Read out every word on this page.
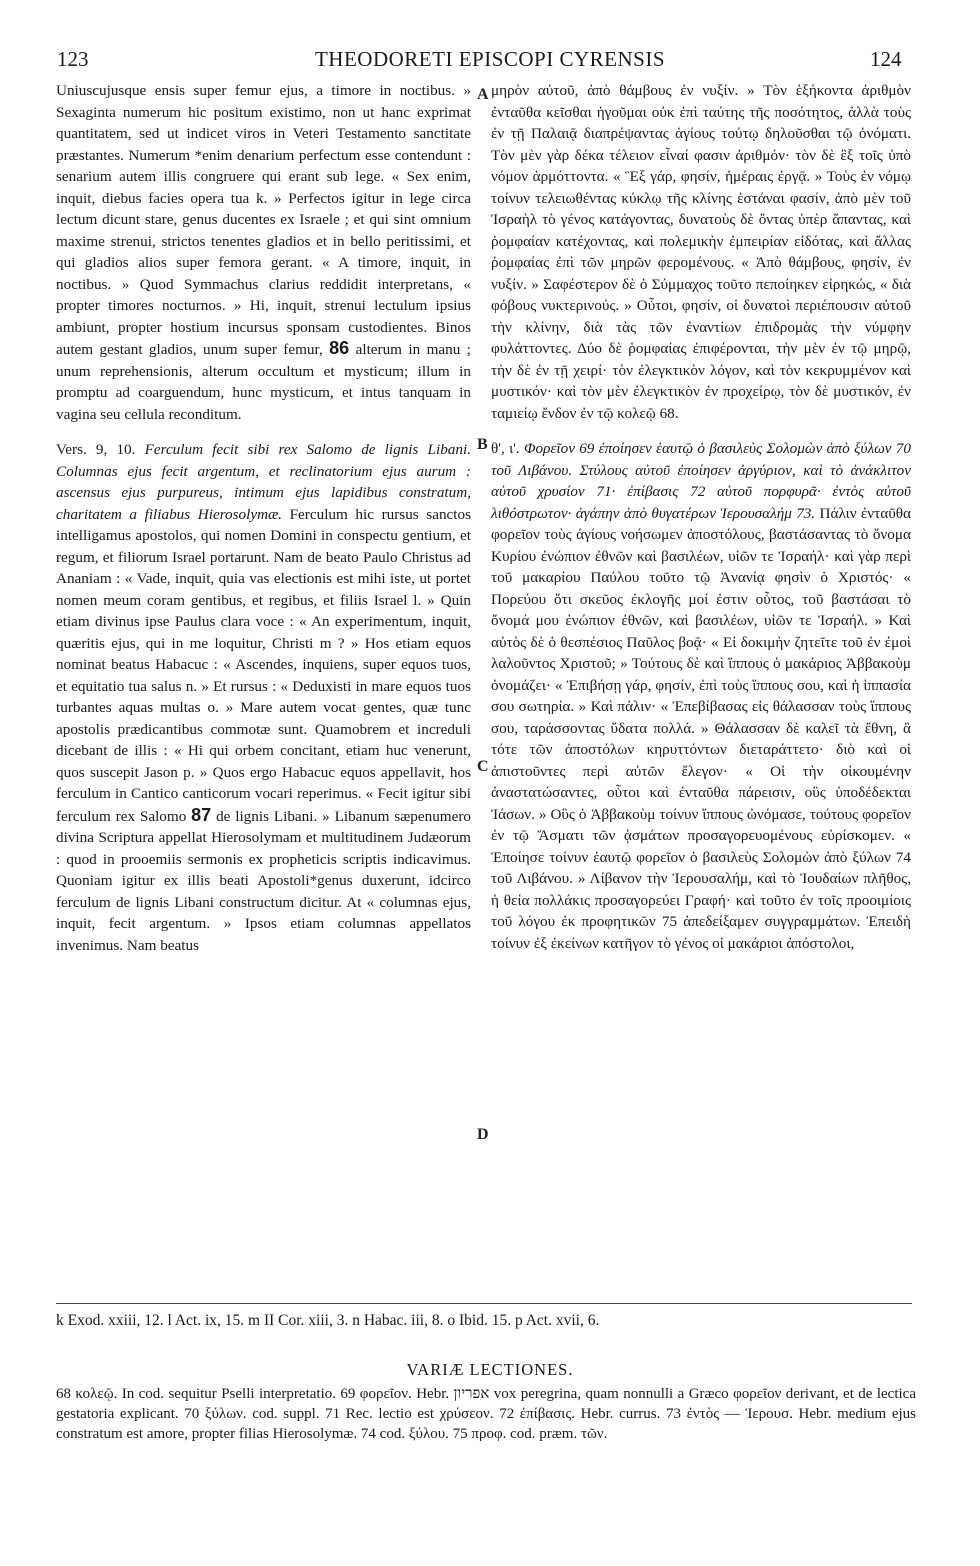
123	THEODORETI EPISCOPI CYRENSIS	124
A
B
C
D

Uniuscujusque ensis super femur ejus, a timore in noctibus. » Sexaginta numerum hic positum existimo, non ut hanc exprimat quantitatem, sed ut indicet viros in Veteri Testamento sanctitate præstantes. Numerum *enim denarium perfectum esse contendunt : senarium autem illis congruere qui erant sub lege. « Sex enim, inquit, diebus facies opera tua k. » Perfectos igitur in lege circa lectum dicunt stare, genus ducentes ex Israele ; et qui sint omnium maxime strenui, strictos tenentes gladios et in bello peritissimi, et qui gladios alios super femora gerant. « A timore, inquit, in noctibus. » Quod Symmachus clarius reddidit interpretans, « propter timores nocturnos. » Hi, inquit, strenui lectulum ipsius ambiunt, propter hostium incursus sponsam custodientes. Binos autem gestant gladios, unum super femur, 86 alterum in manu ; unum reprehensionis, alterum occultum et mysticum; illum in promptu ad coarguendum, hunc mysticum, et intus tanquam in vagina seu cellula reconditum.

Vers. 9, 10. Ferculum fecit sibi rex Salomo de lignis Libani. Columnas ejus fecit argentum, et reclinatorium ejus aurum : ascensus ejus purpureus, intimum ejus lapidibus constratum, charitatem a filiabus Hierosolymæ. Ferculum hic rursus sanctos intelligamus apostolos, qui nomen Domini in conspectu gentium, et regum, et filiorum Israel portarunt. Nam de beato Paulo Christus ad Ananiam : « Vade, inquit, quia vas electionis est mihi iste, ut portet nomen meum coram gentibus, et regibus, et filiis Israel l. » Quin etiam divinus ipse Paulus clara voce : « An experimentum, inquit, quæritis ejus, qui in me loquitur, Christi m ? » Hos etiam equos nominat beatus Habacuc : « Ascendes, inquiens, super equos tuos, et equitatio tua salus n. » Et rursus : « Deduxisti in mare equos tuos turbantes aquas multas o. » Mare autem vocat gentes, quæ tunc apostolis prædicantibus commotæ sunt. Quamobrem et increduli dicebant de illis : « Hi qui orbem concitant, etiam huc venerunt, quos suscepit Jason p. » Quos ergo Habacuc equos appellavit, hos ferculum in Cantico canticorum vocari reperimus. « Fecit igitur sibi ferculum rex Salomo 87 de lignis Libani. » Libanum sæpenumero divina Scriptura appellat Hierosolymam et multitudinem Judæorum : quod in prooemiis sermonis ex propheticis scriptis indicavimus. Quoniam igitur ex illis beati Apostoli*genus duxerunt, idcirco ferculum de lignis Libani constructum dicitur. At « columnas ejus, inquit, fecit argentum. » Ipsos etiam columnas appellatos invenimus. Nam beatus

μηρὸν αὐτοῦ, ἀπὸ θάμβους ἐν νυξίν. » Τὸν ἑξήκοντα ἀριθμὸν ἐνταῦθα κεῖσθαι ἡγοῦμαι οὐκ ἐπὶ ταύτης τῆς ποσότητος, ἀλλὰ τοὺς ἐν τῇ Παλαιᾷ διαπρέψαντας ἁγίους τούτῳ δηλοῦσθαι τῷ ὀνόματι. Τὸν μὲν γὰρ δέκα τέλειον εἶναί φασιν ἀριθμόν· τὸν δὲ ἓξ τοῖς ὑπὸ νόμον ἁρμόττοντα. « Ἓξ γάρ, φησίν, ἡμέραις ἐργᾷ. » Τοὺς ἐν νόμῳ τοίνυν τελειωθέντας κύκλῳ τῆς κλίνης ἑστάναι φασίν, ἀπὸ μὲν τοῦ Ἰσραὴλ τὸ γένος κατάγοντας, δυνατοὺς δὲ ὄντας ὑπὲρ ἅπαντας, καὶ ῥομφαίαν κατέχοντας, καὶ πολεμικὴν ἐμπειρίαν εἰδότας, καὶ ἄλλας ῥομφαίας ἐπὶ τῶν μηρῶν φερομένους. « Ἀπὸ θάμβους, φησίν, ἐν νυξίν. » Σαφέστερον δὲ ὁ Σύμμαχος τοῦτο πεποίηκεν εἰρηκώς, « διὰ φόβους νυκτερινούς. » Οὗτοι, φησίν, οἱ δυνατοὶ περιέπουσιν αὐτοῦ τὴν κλίνην, διὰ τὰς τῶν ἐναντίων ἐπιδρομὰς τὴν νύμφην φυλάττοντες. Δύο δὲ ῥομφαίας ἐπιφέρονται, τὴν μὲν ἐν τῷ μηρῷ, τὴν δὲ ἐν τῇ χειρί· τὸν ἐλεγκτικὸν λόγον, καὶ τὸν κεκρυμμένον καὶ μυστικόν· καὶ τὸν μὲν ἐλεγκτικὸν ἐν προχείρῳ, τὸν δὲ μυστικόν, ἐν ταμιείῳ ἔνδον ἐν τῷ κολεῷ 68.

θ', ι'. Φορεῖον 69 ἐποίησεν ἑαυτῷ ὁ βασιλεὺς Σολομὼν ἀπὸ ξύλων 70 τοῦ Λιβάνου. Στύλους αὐτοῦ ἐποίησεν ἀργύριον, καὶ τὸ ἀνάκλιτον αὐτοῦ χρυσίον 71· ἐπίβασις 72 αὐτοῦ πορφυρᾶ· ἐντὸς αὐτοῦ λιθόστρωτον· ἀγάπην ἀπὸ θυγατέρων Ἱερουσαλήμ 73. Πάλιν ἐνταῦθα φορεῖον τοὺς ἁγίους νοήσωμεν ἀποστόλους, βαστάσαντας τὸ ὄνομα Κυρίου ἐνώπιον ἐθνῶν καὶ βασιλέων, υἱῶν τε Ἰσραήλ· καὶ γὰρ περὶ τοῦ μακαρίου Παύλου τοῦτο τῷ Ἀνανίᾳ φησὶν ὁ Χριστός· « Πορεύου ὅτι σκεῦος ἐκλογῆς μοί ἐστιν οὗτος, τοῦ βαστάσαι τὸ ὄνομά μου ἐνώπιον ἐθνῶν, καὶ βασιλέων, υἱῶν τε Ἰσραήλ. » Καὶ αὐτὸς δὲ ὁ θεσπέσιος Παῦλος βοᾷ· « Εἰ δοκιμὴν ζητεῖτε τοῦ ἐν ἐμοὶ λαλοῦντος Χριστοῦ; » Τούτους δὲ καὶ ἵππους ὁ μακάριος Ἀββακοὺμ ὀνομάζει· « Ἐπιβήσῃ γάρ, φησίν, ἐπὶ τοὺς ἵππους σου, καὶ ἡ ἱππασία σου σωτηρία. » Καὶ πάλιν· « Ἐπεβίβασας εἰς θάλασσαν τοὺς ἵππους σου, ταράσσοντας ὕδατα πολλά. » Θάλασσαν δὲ καλεῖ τὰ ἔθνη, ἃ τότε τῶν ἀποστόλων κηρυττόντων διεταράττετο· διὸ καὶ οἱ ἀπιστοῦντες περὶ αὐτῶν ἔλεγον· « Οἱ τὴν οἰκουμένην ἀναστατώσαντες, οὗτοι καὶ ἐνταῦθα πάρεισιν, οὓς ὑποδέδεκται Ἰάσων. » Οὓς ὁ Ἀββακοὺμ τοίνυν ἵππους ὠνόμασε, τούτους φορεῖον ἐν τῷ Ἄσματι τῶν ᾀσμάτων προσαγορευομένους εὑρίσκομεν. « Ἐποίησε τοίνυν ἑαυτῷ φορεῖον ὁ βασιλεὺς Σολομὼν ἀπὸ ξύλων 74 τοῦ Λιβάνου. » Λίβανον τὴν Ἱερουσαλήμ, καὶ τὸ Ἰουδαίων πλῆθος, ἡ θεία πολλάκις προσαγορεύει Γραφή· καὶ τοῦτο ἐν τοῖς προοιμίοις τοῦ λόγου ἐκ προφητικῶν 75 ἀπεδείξαμεν συγγραμμάτων. Ἐπειδὴ τοίνυν ἐξ ἐκείνων κατῆγον τὸ γένος οἱ μακάριοι ἀπόστολοι,

k Exod. xxiii, 12. l Act. ix, 15. m II Cor. xiii, 3. n Habac. iii, 8. o Ibid. 15. p Act. xvii, 6.
VARIÆ LECTIONES.
68 κολεῷ. In cod. sequitur Pselli interpretatio. 69 φορεῖον. Hebr. אפריון vox peregrina, quam nonnulli a Græco φορεῖον derivant, et de lectica gestatoria explicant. 70 ξύλων. cod. suppl. 71 Rec. lectio est χρύσεον. 72 ἐπίβασις. Hebr. currus. 73 ἐντὸς — Ἱερουσ. Hebr. medium ejus constratum est amore, propter filias Hierosolymæ. 74 cod. ξύλου. 75 προφ. cod. præm. τῶν.
